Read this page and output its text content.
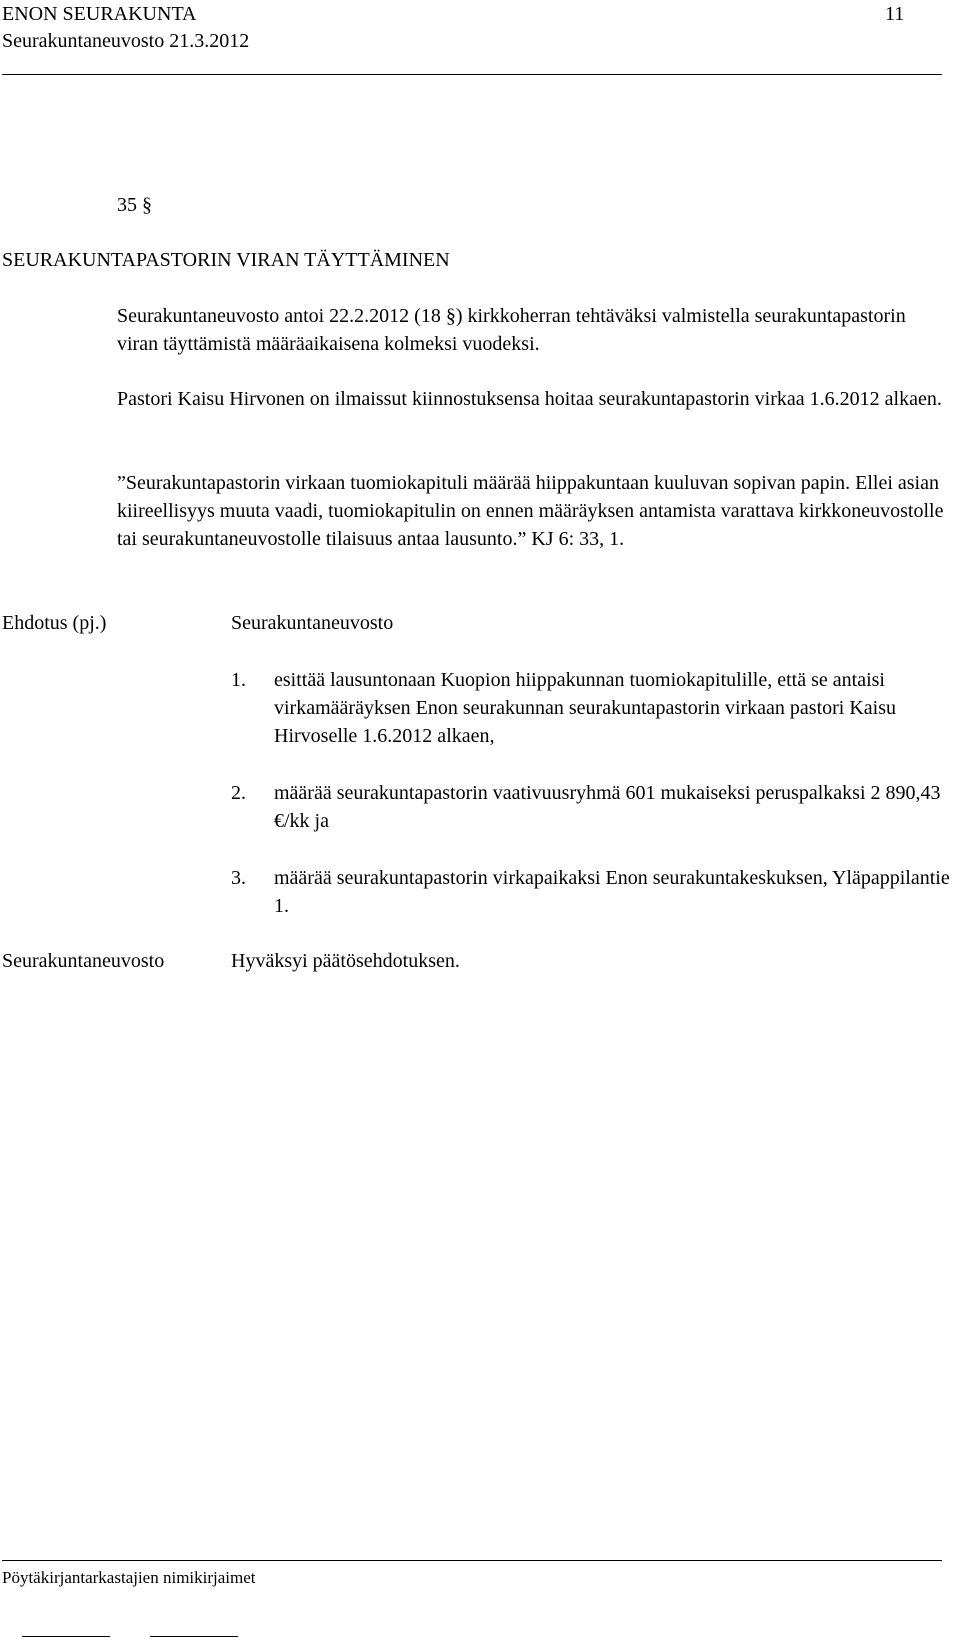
ENON SEURAKUNTA	11
Seurakuntaneuvosto 21.3.2012
35 §
SEURAKUNTAPASTORIN VIRAN TÄYTTÄMINEN

Seurakuntaneuvosto antoi 22.2.2012 (18 §) kirkkoherran tehtäväksi valmistella seurakuntapastorin viran täyttämistä määräaikaisena kolmeksi vuodeksi.

Pastori Kaisu Hirvonen on ilmaissut kiinnostuksensa hoitaa seurakuntapastorin virkaa 1.6.2012 alkaen.

”Seurakuntapastorin virkaan tuomiokapituli määrää hiippakuntaan kuuluvan sopivan papin. Ellei asian kiireellisyys muuta vaadi, tuomiokapitulin on ennen määräyksen antamista varattava kirkkoneuvostolle tai seurakuntaneuvostolle tilaisuus antaa lausunto.” KJ 6: 33, 1.

Ehdotus (pj.)	Seurakuntaneuvosto
1. esittää lausuntonaan Kuopion hiippakunnan tuomiokapitulille, että se antaisi virkamääräyksen Enon seurakunnan seurakuntapastorin virkaan pastori Kaisu Hirvoselle 1.6.2012 alkaen,
2. määrää seurakuntapastorin vaativuusryhmä 601 mukaiseksi peruspalkaksi 2 890,43 €/kk ja
3. määrää seurakuntapastorin virkapaikaksi Enon seurakuntakeskuksen, Yläpappilantie 1.
Seurakuntaneuvosto	Hyväksyi päätösehdotuksen.
Pöytäkirjantarkastajien nimikirjaimet
